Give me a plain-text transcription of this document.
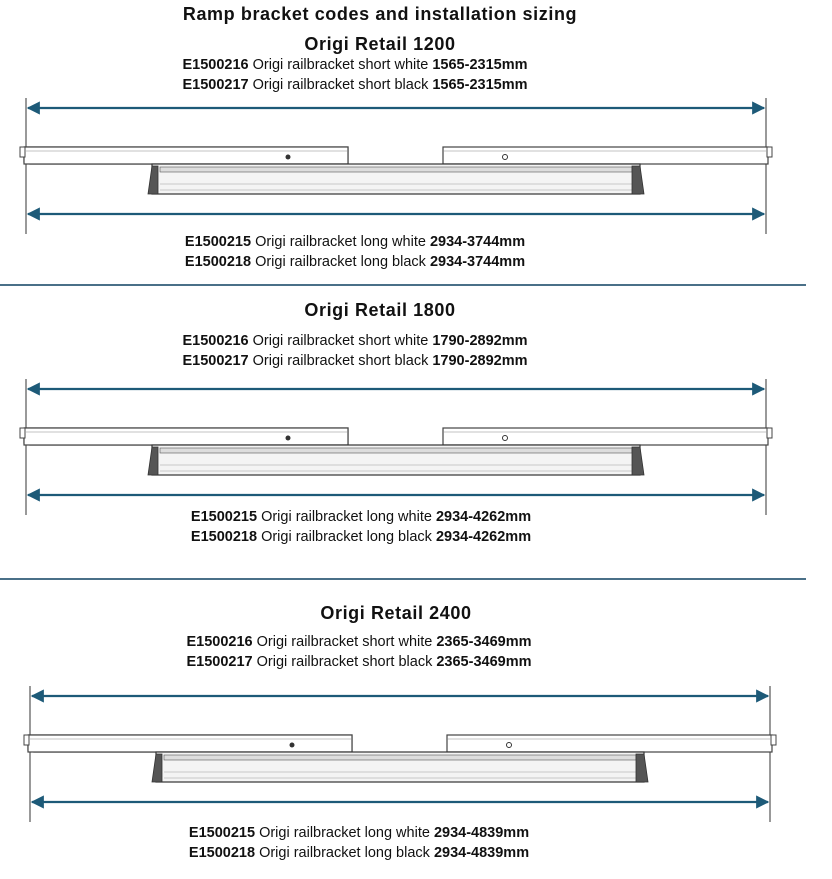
Ramp bracket codes and installation sizing
Origi Retail 1200
E1500216 Origi railbracket short white 1565-2315mm
E1500217 Origi railbracket short black 1565-2315mm
E1500215 Origi railbracket long white 2934-3744mm
E1500218 Origi railbracket long black 2934-3744mm
Origi Retail 1800
E1500216 Origi railbracket short white 1790-2892mm
E1500217 Origi railbracket short black 1790-2892mm
E1500215 Origi railbracket long white 2934-4262mm
E1500218 Origi railbracket long black 2934-4262mm
Origi Retail 2400
E1500216 Origi railbracket short white 2365-3469mm
E1500217 Origi railbracket short black 2365-3469mm
E1500215 Origi railbracket long white 2934-4839mm
E1500218 Origi railbracket long black 2934-4839mm
